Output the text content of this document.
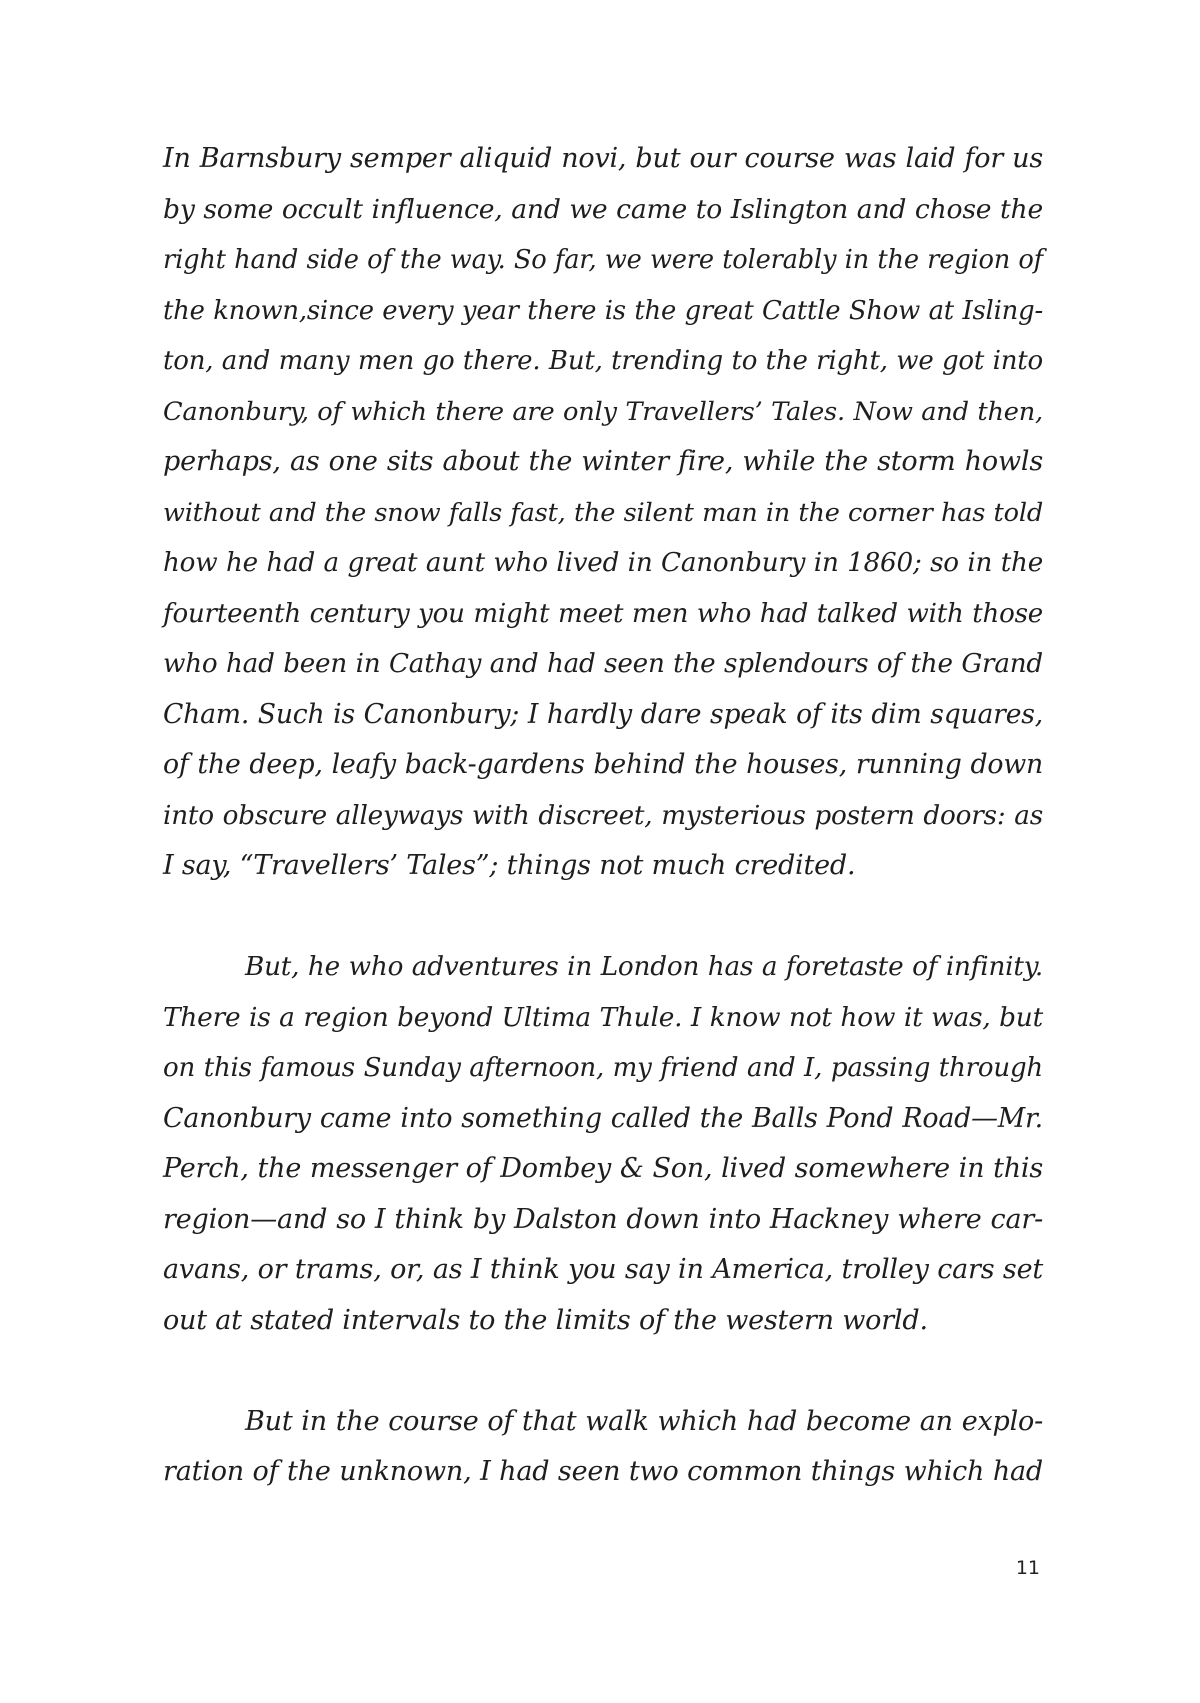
In Barnsbury semper aliquid novi, but our course was laid for us
by some occult influence, and we came to Islington and chose the
right hand side of the way. So far, we were tolerably in the region of
the known,since every year there is the great Cattle Show at Isling-
ton, and many men go there. But, trending to the right, we got into
Canonbury, of which there are only Travellers’ Tales. Now and then,
perhaps, as one sits about the winter fire, while the storm howls
without and the snow falls fast, the silent man in the corner has told
how he had a great aunt who lived in Canonbury in 1860; so in the
fourteenth century you might meet men who had talked with those
who had been in Cathay and had seen the splendours of the Grand
Cham. Such is Canonbury; I hardly dare speak of its dim squares,
of the deep, leafy back-gardens behind the houses, running down
into obscure alleyways with discreet, mysterious postern doors: as
I say, “Travellers’ Tales”; things not much credited.

But, he who adventures in London has a foretaste of infinity.
There is a region beyond Ultima Thule. I know not how it was, but
on this famous Sunday afternoon, my friend and I, passing through
Canonbury came into something called the Balls Pond Road—Mr.
Perch, the messenger of Dombey & Son, lived somewhere in this
region—and so I think by Dalston down into Hackney where car-
avans, or trams, or, as I think you say in America, trolley cars set
out at stated intervals to the limits of the western world.

But in the course of that walk which had become an explo-
ration of the unknown, I had seen two common things which had

11
